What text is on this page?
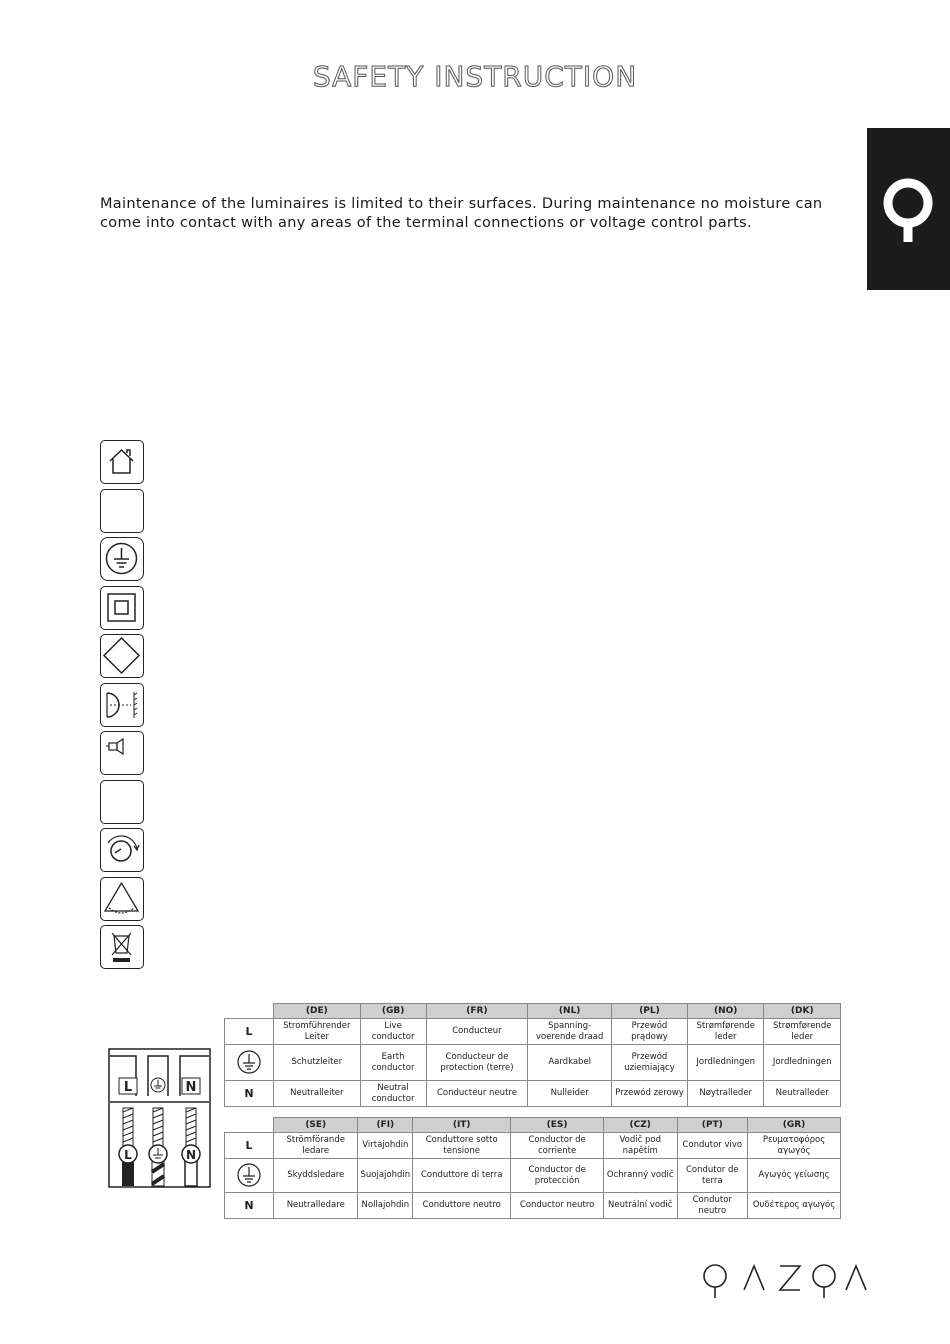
SAFETY INSTRUCTION
Maintenance of the luminaires is limited to their surfaces. During maintenance no moisture can come into contact with any areas of the terminal connections or voltage control parts.
L	N
L	N
	(DE)	(GB)	(FR)	(NL)	(PL)	(NO)	(DK)
L	Stromführender Leiter	Live conductor	Conducteur	Spanning-voerende draad	Przewód prądowy	Strømførende leder	Strømførende leder
	Schutzleiter	Earth conductor	Conducteur de protection (terre)	Aardkabel	Przewód uziemiający	Jordledningen	Jordledningen
N	Neutralleiter	Neutral conductor	Conducteur neutre	Nulleider	Przewód zerowy	Nøytralleder	Neutralleder
	(SE)	(FI)	(IT)	(ES)	(CZ)	(PT)	(GR)
L	Strömförande ledare	Virtajohdin	Conduttore sotto tensione	Conductor de corriente	Vodič pod napětím	Condutor vivo	Ρευματοφόρος αγωγός
	Skyddsledare	Suojajohdin	Conduttore di terra	Conductor de protección	Ochranný vodič	Condutor de terra	Αγωγός γείωσης
N	Neutralledare	Nollajohdin	Conduttore neutro	Conductor neutro	Neutrální vodič	Condutor neutro	Ουδέτερος αγωγός
QAZQA
